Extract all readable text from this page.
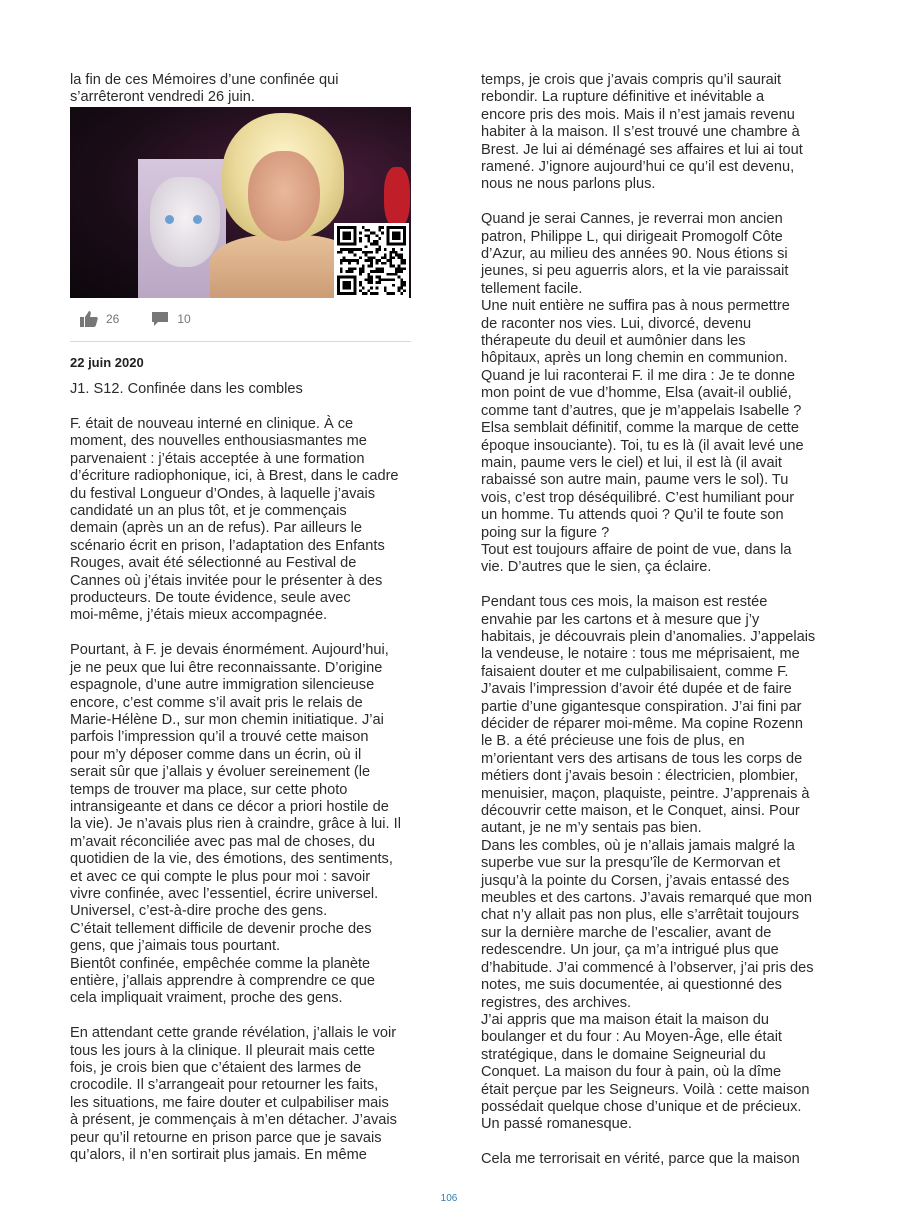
la fin de ces Mémoires d’une confinée qui

s’arrêteront vendredi 26 juin.

26	10
22 juin 2020
J1. S12. Confinée dans les combles

F. était de nouveau interné en clinique. À ce

moment, des nouvelles enthousiasmantes me

parvenaient : j’étais acceptée à une formation

d’écriture radiophonique, ici, à Brest, dans le cadre

du festival Longueur d’Ondes, à laquelle j’avais

candidaté un an plus tôt, et je commençais

demain (après un an de refus). Par ailleurs le

scénario écrit en prison, l’adaptation des Enfants

Rouges, avait été sélectionné au Festival de

Cannes où j’étais invitée pour le présenter à des

producteurs. De toute évidence, seule avec

moi-même, j’étais mieux accompagnée.

Pourtant, à F. je devais énormément. Aujourd’hui,

je ne peux que lui être reconnaissante. D’origine

espagnole, d’une autre immigration silencieuse

encore, c’est comme s’il avait pris le relais de

Marie-Hélène D., sur mon chemin initiatique. J’ai

parfois l’impression qu’il a trouvé cette maison

pour m’y déposer comme dans un écrin, où il

serait sûr que j’allais y évoluer sereinement (le

temps de trouver ma place, sur cette photo

intransigeante et dans ce décor a priori hostile de

la vie). Je n’avais plus rien à craindre, grâce à lui. Il

m’avait réconciliée avec pas mal de choses, du

quotidien de la vie, des émotions, des sentiments,

et avec ce qui compte le plus pour moi : savoir

vivre confinée, avec l’essentiel, écrire universel.

Universel, c’est-à-dire proche des gens.

C’était tellement difficile de devenir proche des

gens, que j’aimais tous pourtant.

Bientôt confinée, empêchée comme la planète

entière, j’allais apprendre à comprendre ce que

cela impliquait vraiment, proche des gens.

En attendant cette grande révélation, j’allais le voir

tous les jours à la clinique. Il pleurait mais cette

fois, je crois bien que c’étaient des larmes de

crocodile. Il s’arrangeait pour retourner les faits,

les situations, me faire douter et culpabiliser mais

à présent, je commençais à m’en détacher. J’avais

peur qu’il retourne en prison parce que je savais

qu’alors, il n’en sortirait plus jamais. En même

temps, je crois que j’avais compris qu’il saurait

rebondir. La rupture définitive et inévitable a

encore pris des mois. Mais il n’est jamais revenu

habiter à la maison. Il s’est trouvé une chambre à

Brest. Je lui ai déménagé ses affaires et lui ai tout

ramené. J’ignore aujourd’hui ce qu’il est devenu,

nous ne nous parlons plus.

Quand je serai Cannes, je reverrai mon ancien

patron, Philippe L, qui dirigeait Promogolf Côte

d’Azur, au milieu des années 90. Nous étions si

jeunes, si peu aguerris alors, et la vie paraissait

tellement facile.

Une nuit entière ne suffira pas à nous permettre

de raconter nos vies. Lui, divorcé, devenu

thérapeute du deuil et aumônier dans les

hôpitaux, après un long chemin en communion.

Quand je lui raconterai F. il me dira : Je te donne

mon point de vue d’homme, Elsa (avait-il oublié,

comme tant d’autres, que je m’appelais Isabelle ?

Elsa semblait définitif, comme la marque de cette

époque insouciante). Toi, tu es là (il avait levé une

main, paume vers le ciel) et lui, il est là (il avait

rabaissé son autre main, paume vers le sol). Tu

vois, c’est trop déséquilibré. C’est humiliant pour

un homme. Tu attends quoi ? Qu’il te foute son

poing sur la figure ?

Tout est toujours affaire de point de vue, dans la

vie. D’autres que le sien, ça éclaire.

Pendant tous ces mois, la maison est restée

envahie par les cartons et à mesure que j’y

habitais, je découvrais plein d’anomalies. J’appelais

la vendeuse, le notaire : tous me méprisaient, me

faisaient douter et me culpabilisaient, comme F.

J’avais l’impression d’avoir été dupée et de faire

partie d’une gigantesque conspiration. J’ai fini par

décider de réparer moi-même. Ma copine Rozenn

le B. a été précieuse une fois de plus, en

m’orientant vers des artisans de tous les corps de

métiers dont j’avais besoin : électricien, plombier,

menuisier, maçon, plaquiste, peintre. J’apprenais à

découvrir cette maison, et le Conquet, ainsi. Pour

autant, je ne m’y sentais pas bien.

Dans les combles, où je n’allais jamais malgré la

superbe vue sur la presqu’île de Kermorvan et

jusqu’à la pointe du Corsen, j’avais entassé des

meubles et des cartons. J’avais remarqué que mon

chat n’y allait pas non plus, elle s’arrêtait toujours

sur la dernière marche de l’escalier, avant de

redescendre. Un jour, ça m’a intrigué plus que

d’habitude. J’ai commencé à l’observer, j’ai pris des

notes, me suis documentée, ai questionné des

registres, des archives.

J’ai appris que ma maison était la maison du

boulanger et du four : Au Moyen-Âge, elle était

stratégique, dans le domaine Seigneurial du

Conquet. La maison du four à pain, où la dîme

était perçue par les Seigneurs. Voilà : cette maison

possédait quelque chose d’unique et de précieux.

Un passé romanesque.

Cela me terrorisait en vérité, parce que la maison

106
